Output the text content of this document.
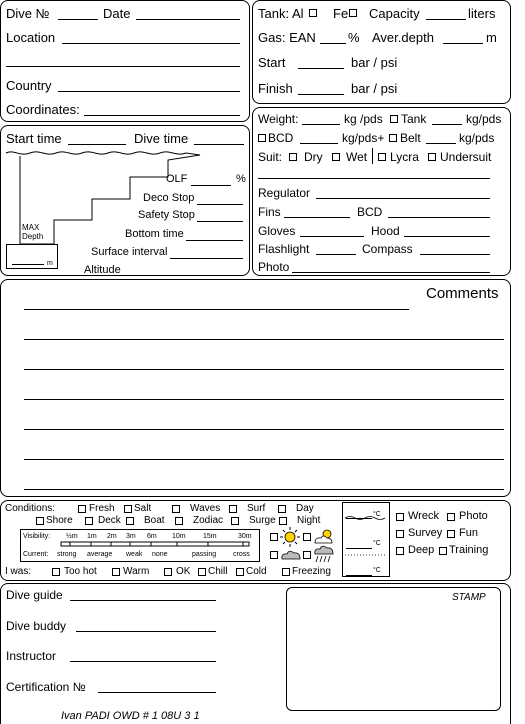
Dive №	Date
Location
Country
Coordinates:
Tank: Al Fe Capacity	liters
Gas: EAN % Aver.depth	m
Start	bar / psi
Finish	bar / psi
Start time	Dive time
OLF	%
Deco Stop
Safety Stop
Bottom time
Surface interval
MAX
Depth
m
Altitude
Weight:	kg /pds Tank	kg/pds
BCD	kg/pds+ Belt	kg/pds
Suit: Dry Wet Lycra Undersuit
Regulator
Fins	BCD
Gloves	Hood
Flashlight	Compass
Photo
Comments
Conditions:	Fresh Salt	Waves	Surf	Day
Shore	Deck Boat	Zodiac	Surge Night
Visibility: ½m 1m 2m 3m 6m 10m 15m	30m
Current: strong average weak none	passing cross
°C
°C
°C
Wreck Photo
Survey Fun
Deep Training
I was:	Too hot	Warm	OK Chill Cold	Freezing
Dive guide
Dive buddy
Instructor
Certification №
STAMP
Ivan PADI OWD # 1 08U 3 1
